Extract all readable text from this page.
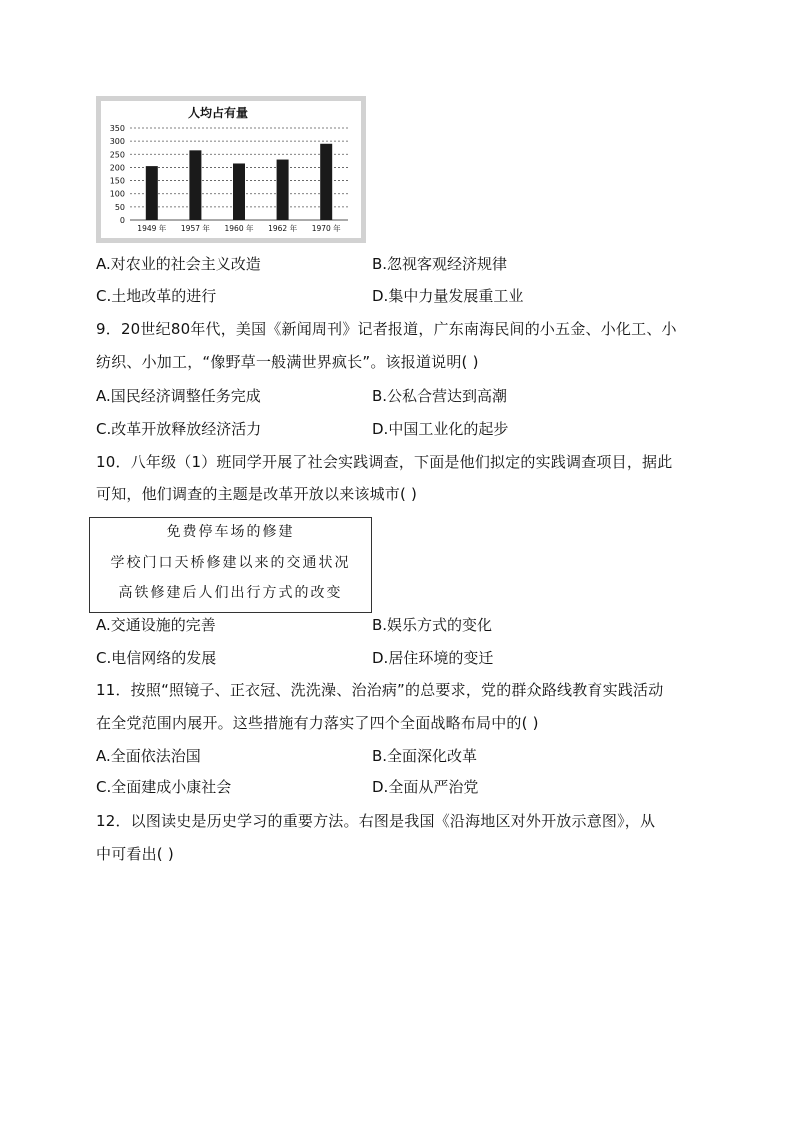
人均占有量
350
300
250
200
150
100
50
0
1949 年 1957 年 1960 年 1962 年 1970 年
A.对农业的社会主义改造	B.忽视客观经济规律
C.土地改革的进行	D.集中力量发展重工业
9．20世纪80年代，美国《新闻周刊》记者报道，广东南海民间的小五金、小化工、小
纺织、小加工，“像野草一般满世界疯长”。该报道说明( )
A.国民经济调整任务完成	B.公私合营达到高潮
C.改革开放释放经济活力	D.中国工业化的起步
10．八年级（1）班同学开展了社会实践调查，下面是他们拟定的实践调查项目，据此
可知，他们调查的主题是改革开放以来该城市( )
免费停车场的修建
学校门口天桥修建以来的交通状况
高铁修建后人们出行方式的改变
A.交通设施的完善	B.娱乐方式的变化
C.电信网络的发展	D.居住环境的变迁
11．按照“照镜子、正衣冠、洗洗澡、治治病”的总要求，党的群众路线教育实践活动
在全党范围内展开。这些措施有力落实了四个全面战略布局中的( )
A.全面依法治国	B.全面深化改革
C.全面建成小康社会	D.全面从严治党
12．以图读史是历史学习的重要方法。右图是我国《沿海地区对外开放示意图》，从
中可看出( )
